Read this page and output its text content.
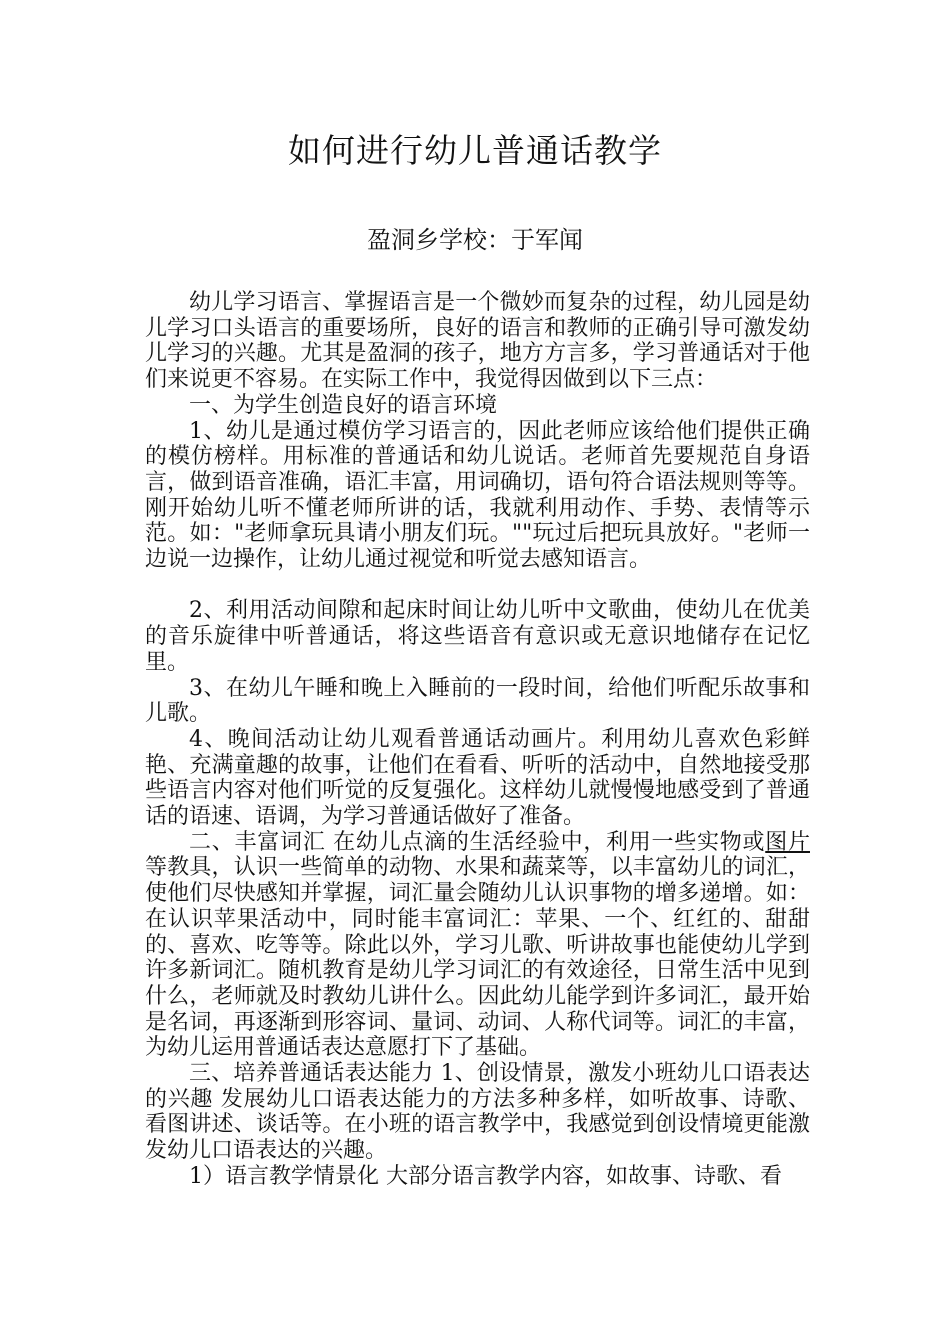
如何进行幼儿普通话教学
盈洞乡学校：于军闻

幼儿学习语言、掌握语言是一个微妙而复杂的过程，幼儿园是幼儿学习口头语言的重要场所，良好的语言和教师的正确引导可激发幼儿学习的兴趣。尤其是盈洞的孩子，地方方言多，学习普通话对于他们来说更不容易。在实际工作中，我觉得因做到以下三点：

一、为学生创造良好的语言环境

1、幼儿是通过模仿学习语言的，因此老师应该给他们提供正确的模仿榜样。用标准的普通话和幼儿说话。老师首先要规范自身语言，做到语音准确，语汇丰富，用词确切，语句符合语法规则等等。刚开始幼儿听不懂老师所讲的话，我就利用动作、手势、表情等示范。如："老师拿玩具请小朋友们玩。""玩过后把玩具放好。"老师一边说一边操作，让幼儿通过视觉和听觉去感知语言。

2、利用活动间隙和起床时间让幼儿听中文歌曲，使幼儿在优美的音乐旋律中听普通话，将这些语音有意识或无意识地储存在记忆里。

3、在幼儿午睡和晚上入睡前的一段时间，给他们听配乐故事和儿歌。

4、晚间活动让幼儿观看普通话动画片。利用幼儿喜欢色彩鲜艳、充满童趣的故事，让他们在看看、听听的活动中，自然地接受那些语言内容对他们听觉的反复强化。这样幼儿就慢慢地感受到了普通话的语速、语调，为学习普通话做好了准备。

二、丰富词汇 在幼儿点滴的生活经验中，利用一些实物或图片等教具，认识一些简单的动物、水果和蔬菜等，以丰富幼儿的词汇，使他们尽快感知并掌握，词汇量会随幼儿认识事物的增多递增。如：在认识苹果活动中，同时能丰富词汇：苹果、一个、红红的、甜甜的、喜欢、吃等等。除此以外，学习儿歌、听讲故事也能使幼儿学到许多新词汇。随机教育是幼儿学习词汇的有效途径，日常生活中见到什么，老师就及时教幼儿讲什么。因此幼儿能学到许多词汇，最开始是名词，再逐渐到形容词、量词、动词、人称代词等。词汇的丰富，为幼儿运用普通话表达意愿打下了基础。

三、培养普通话表达能力 1、创设情景，激发小班幼儿口语表达的兴趣 发展幼儿口语表达能力的方法多种多样，如听故事、诗歌、看图讲述、谈话等。在小班的语言教学中，我感觉到创设情境更能激发幼儿口语表达的兴趣。

1）语言教学情景化 大部分语言教学内容，如故事、诗歌、看
